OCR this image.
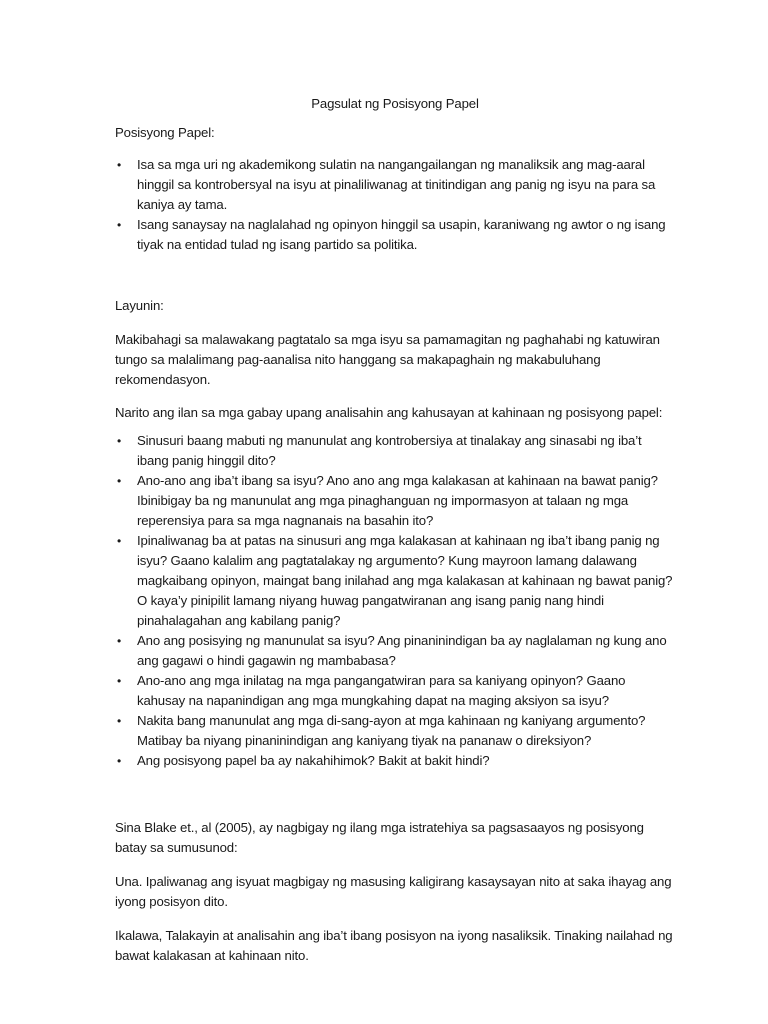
Pagsulat ng Posisyong Papel

Posisyong Papel:

• Isa sa mga uri ng akademikong sulatin na nangangailangan ng manaliksik ang mag-aaral hinggil sa kontrobersyal na isyu at pinaliliwanag at tinitindigan ang panig ng isyu na para sa kaniya ay tama.
• Isang sanaysay na naglalahad ng opinyon hinggil sa usapin, karaniwang ng awtor o ng isang tiyak na entidad tulad ng isang partido sa politika.

Layunin:

Makibahagi sa malawakang pagtatalo sa mga isyu sa pamamagitan ng paghahabi ng katuwiran tungo sa malalimang pag-aanalisa nito hanggang sa makapaghain ng makabuluhang rekomendasyon.

Narito ang ilan sa mga gabay upang analisahin ang kahusayan at kahinaan ng posisyong papel:

• Sinusuri baang mabuti ng manunulat ang kontrobersiya at tinalakay ang sinasabi ng iba’t ibang panig hinggil dito?
• Ano-ano ang iba’t ibang sa isyu? Ano ano ang mga kalakasan at kahinaan na bawat panig? Ibinibigay ba ng manunulat ang mga pinaghanguan ng impormasyon at talaan ng mga reperensiya para sa mga nagnanais na basahin ito?
• Ipinaliwanag ba at patas na sinusuri ang mga kalakasan at kahinaan ng iba’t ibang panig ng isyu? Gaano kalalim ang pagtatalakay ng argumento? Kung mayroon lamang dalawang magkaibang opinyon, maingat bang inilahad ang mga kalakasan at kahinaan ng bawat panig? O kaya’y pinipilit lamang niyang huwag pangatwiranan ang isang panig nang hindi pinahalagahan ang kabilang panig?
• Ano ang posisying ng manunulat sa isyu? Ang pinaninindigan ba ay naglalaman ng kung ano ang gagawi o hindi gagawin ng mambabasa?
• Ano-ano ang mga inilatag na mga pangangatwiran para sa kaniyang opinyon? Gaano kahusay na napanindigan ang mga mungkahing dapat na maging aksiyon sa isyu?
• Nakita bang manunulat ang mga di-sang-ayon at mga kahinaan ng kaniyang argumento? Matibay ba niyang pinaninindigan ang kaniyang tiyak na pananaw o direksiyon?
• Ang posisyong papel ba ay nakahihimok? Bakit at bakit hindi?

Sina Blake et., al (2005), ay nagbigay ng ilang mga istratehiya sa pagsasaayos ng posisyong batay sa sumusunod:

Una. Ipaliwanag ang isyuat magbigay ng masusing kaligirang kasaysayan nito at saka ihayag ang iyong posisyon dito.

Ikalawa, Talakayin at analisahin ang iba’t ibang posisyon na iyong nasaliksik. Tinaking nailahad ng bawat kalakasan at kahinaan nito.
